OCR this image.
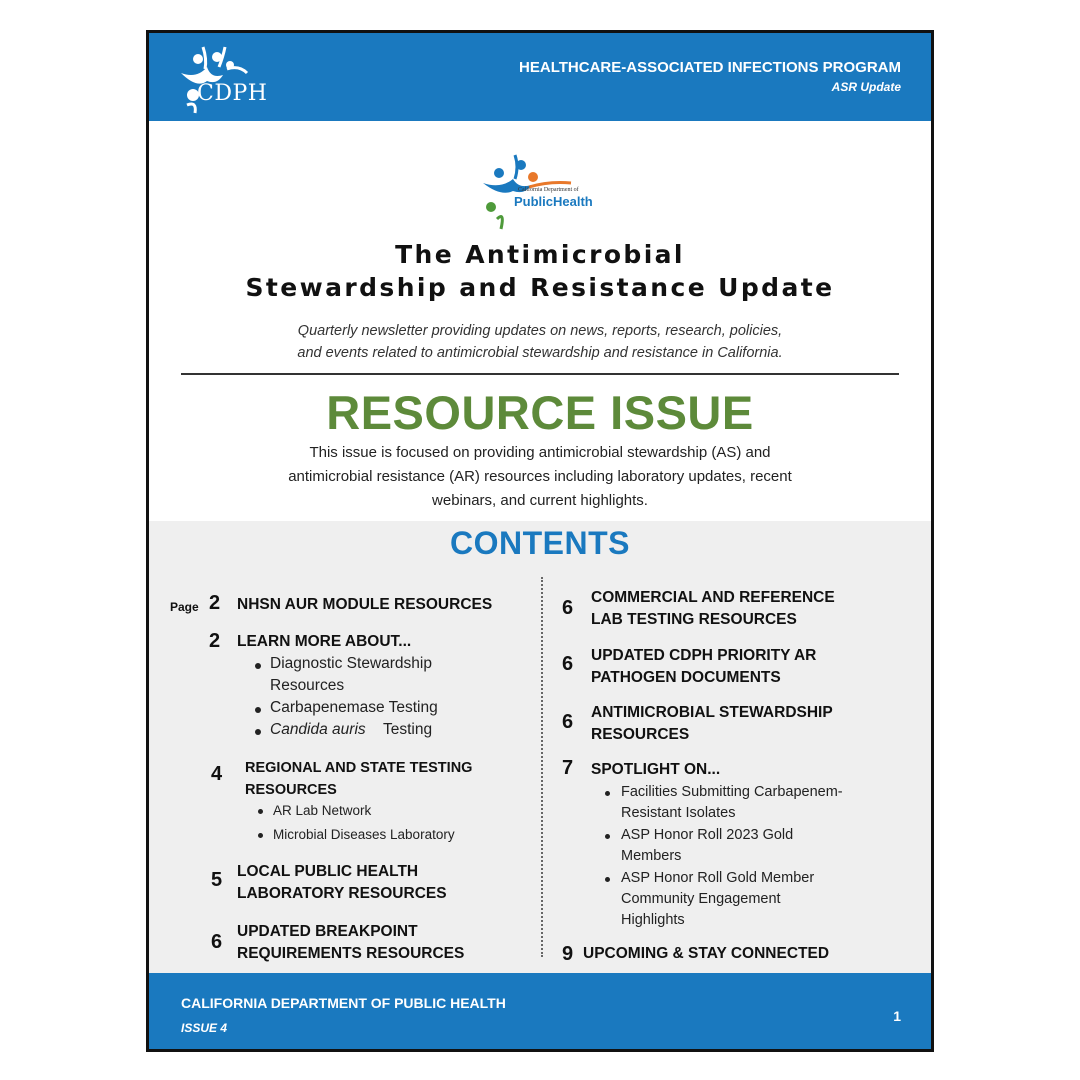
CDPH
HEALTHCARE-ASSOCIATED INFECTIONS PROGRAM
ASR Update
California Department of
PublicHealth
The Antimicrobial
Stewardship and Resistance Update
Quarterly newsletter providing updates on news, reports, research, policies,
and events related to antimicrobial stewardship and resistance in California.
RESOURCE ISSUE
This issue is focused on providing antimicrobial stewardship (AS) and
antimicrobial resistance (AR) resources including laboratory updates, recent
webinars, and current highlights.
CONTENTS
Page 2 NHSN AUR MODULE RESOURCES
2 LEARN MORE ABOUT...
Diagnostic Stewardship
Resources
Carbapenemase Testing
Candida auris Testing
4 REGIONAL AND STATE TESTING
RESOURCES
AR Lab Network
Microbial Diseases Laboratory
5 LOCAL PUBLIC HEALTH
LABORATORY RESOURCES
6 UPDATED BREAKPOINT
REQUIREMENTS RESOURCES
6 COMMERCIAL AND REFERENCE
LAB TESTING RESOURCES
6 UPDATED CDPH PRIORITY AR
PATHOGEN DOCUMENTS
6 ANTIMICROBIAL STEWARDSHIP
RESOURCES
7 SPOTLIGHT ON...
Facilities Submitting Carbapenem-
Resistant Isolates
ASP Honor Roll 2023 Gold
Members
ASP Honor Roll Gold Member
Community Engagement
Highlights
9 UPCOMING & STAY CONNECTED
CALIFORNIA DEPARTMENT OF PUBLIC HEALTH
ISSUE 4
1
